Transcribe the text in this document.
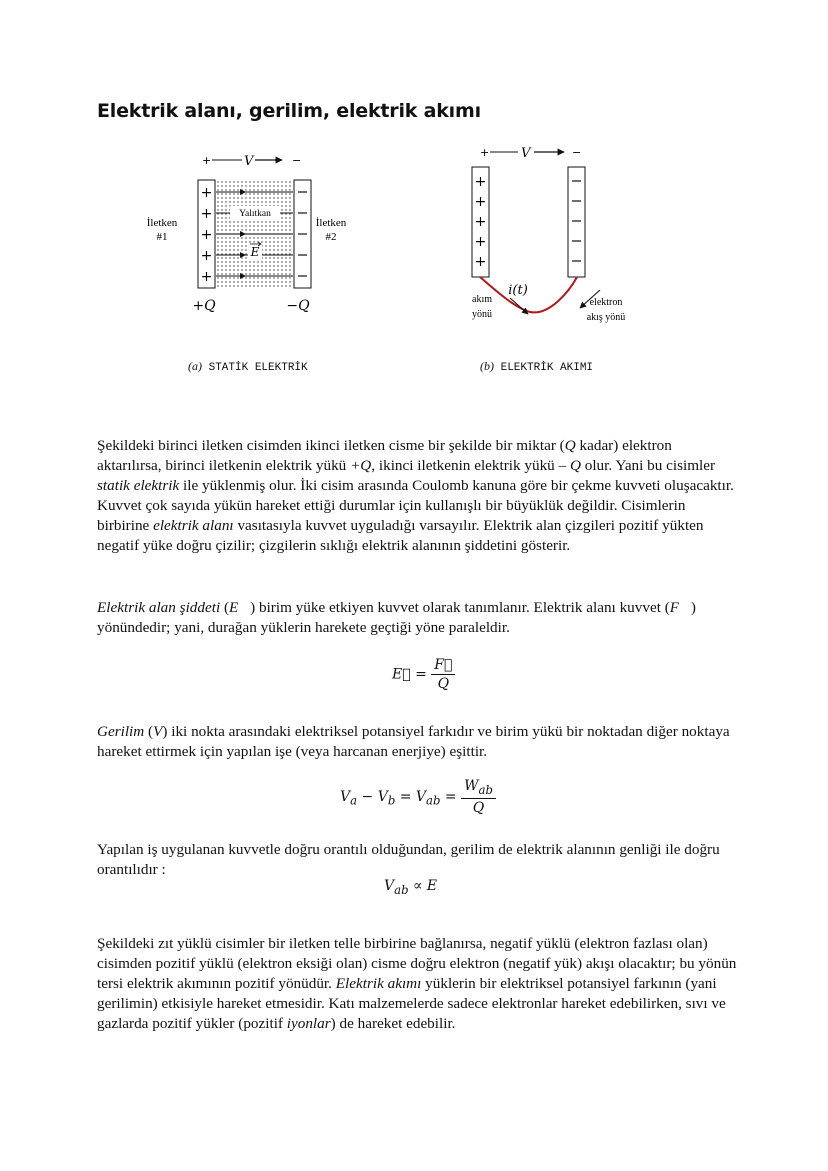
Elektrik alanı, gerilim, elektrik akımı
+	V	−
+
+
+
+
+
Yalıtkan
E
İletken
#1
İletken
#2
+Q	−Q
(a) STATİK ELEKTRİK
+ V	−
+
+
+
+
+
i(t)
akım
yönü
elektron
akış yönü
(b) ELEKTRİK AKIMI
Şekildeki birinci iletken cisimden ikinci iletken cisme bir şekilde bir miktar (Q kadar) elektron aktarılırsa, birinci iletkenin elektrik yükü +Q, ikinci iletkenin elektrik yükü – Q olur. Yani bu cisimler statik elektrik ile yüklenmiş olur. İki cisim arasında Coulomb kanuna göre bir çekme kuvveti oluşacaktır. Kuvvet çok sayıda yükün hareket ettiği durumlar için kullanışlı bir büyüklük değildir. Cisimlerin birbirine elektrik alanı vasıtasıyla kuvvet uyguladığı varsayılır. Elektrik alan çizgileri pozitif yükten negatif yüke doğru çizilir; çizgilerin sıklığı elektrik alanının şiddetini gösterir.
Elektrik alan şiddeti (E⃗) birim yüke etkiyen kuvvet olarak tanımlanır. Elektrik alanı kuvvet (F⃗) yönündedir; yani, durağan yüklerin harekete geçtiği yöne paraleldir.
E⃗ = $\frac{F⃗}{Q}$
Gerilim (V) iki nokta arasındaki elektriksel potansiyel farkıdır ve birim yükü bir noktadan diğer noktaya hareket ettirmek için yapılan işe (veya harcanan enerjiye) eşittir.
$V_a - V_b = V_{ab} = \frac{W_{ab}}{Q}$
Yapılan iş uygulanan kuvvetle doğru orantılı olduğundan, gerilim de elektrik alanının genliği ile doğru orantılıdır :
$V_{ab} \propto E$
Şekildeki zıt yüklü cisimler bir iletken telle birbirine bağlanırsa, negatif yüklü (elektron fazlası olan) cisimden pozitif yüklü (elektron eksiği olan) cisme doğru elektron (negatif yük) akışı olacaktır; bu yönün tersi elektrik akımının pozitif yönüdür. Elektrik akımı yüklerin bir elektriksel potansiyel farkının (yani gerilimin) etkisiyle hareket etmesidir. Katı malzemelerde sadece elektronlar hareket edebilirken, sıvı ve gazlarda pozitif yükler (pozitif iyonlar) de hareket edebilir.
